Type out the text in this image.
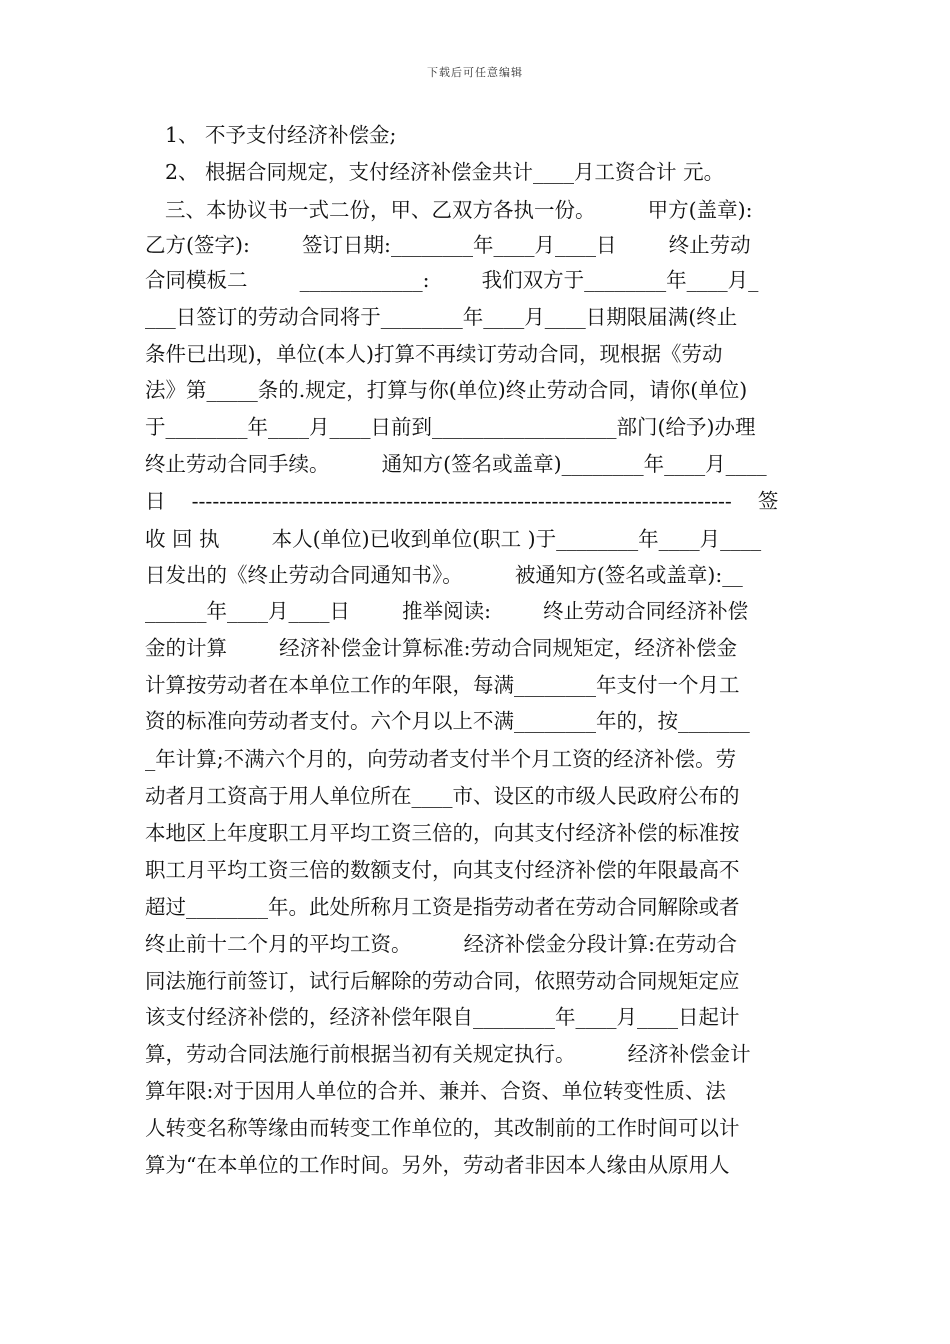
下载后可任意编辑
1、 不予支付经济补偿金;
2、 根据合同规定，支付经济补偿金共计____月工资合计 元。
三、本协议书一式二份，甲、乙双方各执一份。        甲方(盖章):
乙方(签字):        签订日期:________年____月____日        终止劳动
合同模板二        ____________:        我们双方于________年____月_
___日签订的劳动合同将于________年____月____日期限届满(终止
条件已出现)，单位(本人)打算不再续订劳动合同，现根据《劳动
法》第_____条的.规定，打算与你(单位)终止劳动合同，请你(单位)
于________年____月____日前到__________________部门(给予)办理
终止劳动合同手续。        通知方(签名或盖章)________年____月____
日    ------------------------------------------------------------------------------    签
收 回 执        本人(单位)已收到单位(职工 )于________年____月____
日发出的《终止劳动合同通知书》。        被通知方(签名或盖章):__
______年____月____日        推举阅读:        终止劳动合同经济补偿
金的计算        经济补偿金计算标准:劳动合同规矩定，经济补偿金
计算按劳动者在本单位工作的年限，每满________年支付一个月工
资的标准向劳动者支付。六个月以上不满________年的，按_______
_年计算;不满六个月的，向劳动者支付半个月工资的经济补偿。劳
动者月工资高于用人单位所在____市、设区的市级人民政府公布的
本地区上年度职工月平均工资三倍的，向其支付经济补偿的标准按
职工月平均工资三倍的数额支付，向其支付经济补偿的年限最高不
超过________年。此处所称月工资是指劳动者在劳动合同解除或者
终止前十二个月的平均工资。        经济补偿金分段计算:在劳动合
同法施行前签订，试行后解除的劳动合同，依照劳动合同规矩定应
该支付经济补偿的，经济补偿年限自________年____月____日起计
算，劳动合同法施行前根据当初有关规定执行。        经济补偿金计
算年限:对于因用人单位的合并、兼并、合资、单位转变性质、法
人转变名称等缘由而转变工作单位的，其改制前的工作时间可以计
算为“在本单位的工作时间。另外，劳动者非因本人缘由从原用人
